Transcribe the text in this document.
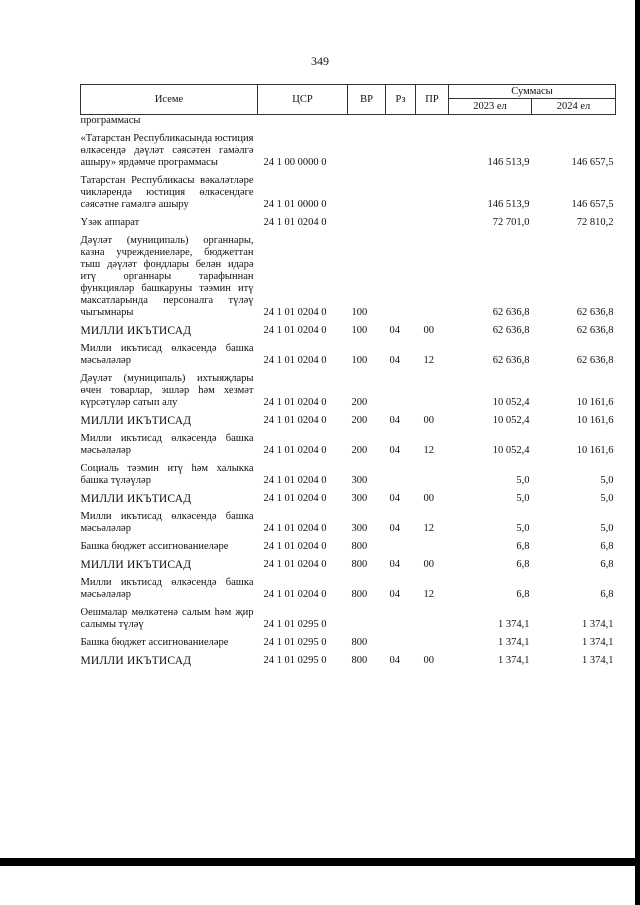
349
Исеме	ЦСР	ВР	Рз	ПР	Суммасы	
					2023 ел	2024 ел
программасы						
«Татарстан Республикасында юстиция өлкәсендә дәүләт сәясәтен гамәлгә ашыру» ярдәмче программасы	24 1 00 0000 0				146 513,9	146 657,5
Татарстан Республикасы вәкаләтләре чикләрендә юстиция өлкәсендәге сәясәтне гамәлгә ашыру	24 1 01 0000 0				146 513,9	146 657,5
Үзәк аппарат	24 1 01 0204 0				72 701,0	72 810,2
Дәүләт (муниципаль) органнары, казна учреждениеләре, бюджеттан тыш дәүләт фондлары белән идарә итү органнары тарафыннан функцияләр башкаруны тәэмин итү максатларында персоналга түләү чыгымнары	24 1 01 0204 0	100			62 636,8	62 636,8
МИЛЛИ ИКЪТИСАД	24 1 01 0204 0	100	04	00	62 636,8	62 636,8
Милли икътисад өлкәсендә башка мәсьәләләр	24 1 01 0204 0	100	04	12	62 636,8	62 636,8
Дәүләт (муниципаль) ихтыяҗлары өчен товарлар, эшләр һәм хезмәт күрсәтүләр сатып алу	24 1 01 0204 0	200			10 052,4	10 161,6
МИЛЛИ ИКЪТИСАД	24 1 01 0204 0	200	04	00	10 052,4	10 161,6
Милли икътисад өлкәсендә башка мәсьәләләр	24 1 01 0204 0	200	04	12	10 052,4	10 161,6
Социаль тәэмин итү һәм халыкка башка түләүләр	24 1 01 0204 0	300			5,0	5,0
МИЛЛИ ИКЪТИСАД	24 1 01 0204 0	300	04	00	5,0	5,0
Милли икътисад өлкәсендә башка мәсьәләләр	24 1 01 0204 0	300	04	12	5,0	5,0
Башка бюджет ассигнованиеләре	24 1 01 0204 0	800			6,8	6,8
МИЛЛИ ИКЪТИСАД	24 1 01 0204 0	800	04	00	6,8	6,8
Милли икътисад өлкәсендә башка мәсьәләләр	24 1 01 0204 0	800	04	12	6,8	6,8
Оешмалар мөлкәтенә салым һәм җир салымы түләү	24 1 01 0295 0				1 374,1	1 374,1
Башка бюджет ассигнованиеләре	24 1 01 0295 0	800			1 374,1	1 374,1
МИЛЛИ ИКЪТИСАД	24 1 01 0295 0	800	04	00	1 374,1	1 374,1
